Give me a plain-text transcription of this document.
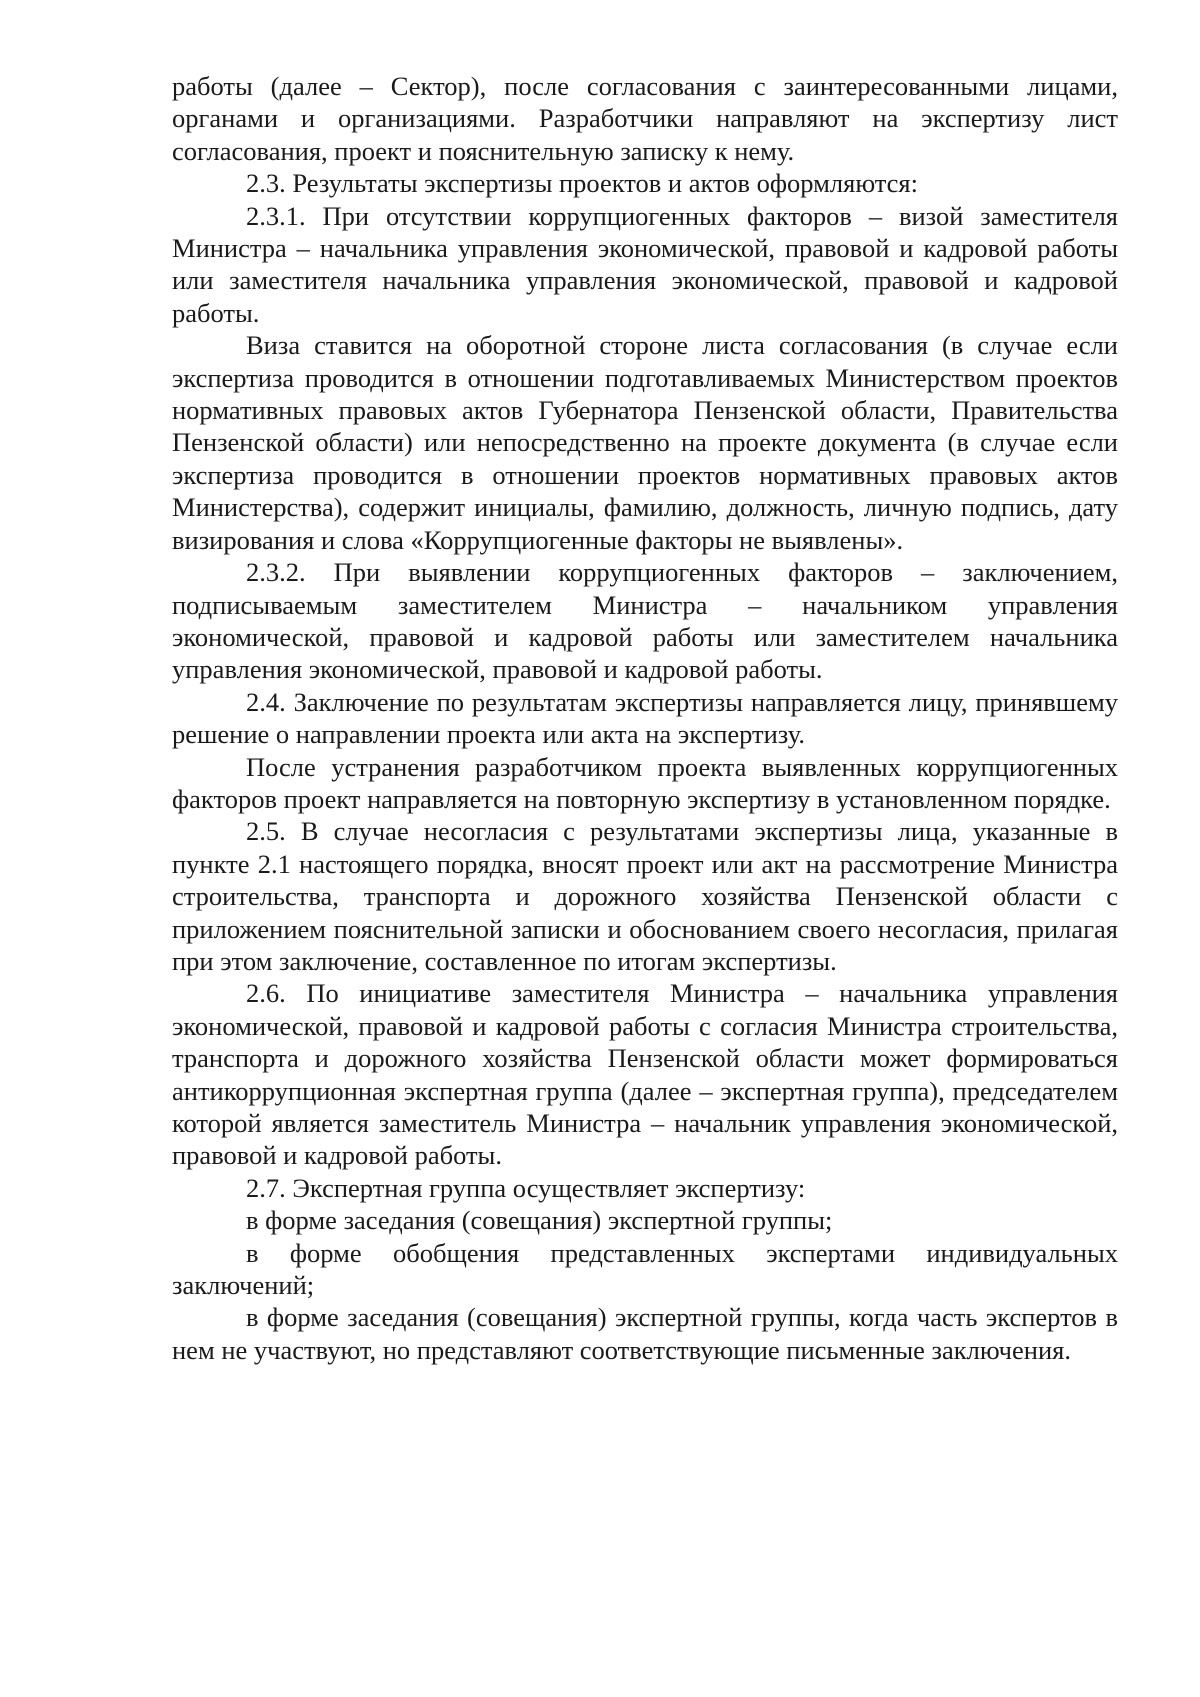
работы (далее – Сектор), после согласования с заинтересованными лицами, органами и организациями. Разработчики направляют на экспертизу лист согласования, проект и пояснительную записку к нему.

2.3. Результаты экспертизы проектов и актов оформляются:

2.3.1. При отсутствии коррупциогенных факторов – визой заместителя Министра – начальника управления экономической, правовой и кадровой работы или заместителя начальника управления экономической, правовой и кадровой работы.

Виза ставится на оборотной стороне листа согласования (в случае если экспертиза проводится в отношении подготавливаемых Министерством проектов нормативных правовых актов Губернатора Пензенской области, Правительства Пензенской области) или непосредственно на проекте документа (в случае если экспертиза проводится в отношении проектов нормативных правовых актов Министерства), содержит инициалы, фамилию, должность, личную подпись, дату визирования и слова «Коррупциогенные факторы не выявлены».

2.3.2. При выявлении коррупциогенных факторов – заключением, подписываемым заместителем Министра – начальником управления экономической, правовой и кадровой работы или заместителем начальника управления экономической, правовой и кадровой работы.

2.4. Заключение по результатам экспертизы направляется лицу, принявшему решение о направлении проекта или акта на экспертизу.

После устранения разработчиком проекта выявленных коррупциогенных факторов проект направляется на повторную экспертизу в установленном порядке.

2.5. В случае несогласия с результатами экспертизы лица, указанные в пункте 2.1 настоящего порядка, вносят проект или акт на рассмотрение Министра строительства, транспорта и дорожного хозяйства Пензенской области с приложением пояснительной записки и обоснованием своего несогласия, прилагая при этом заключение, составленное по итогам экспертизы.

2.6. По инициативе заместителя Министра – начальника управления экономической, правовой и кадровой работы с согласия Министра строительства, транспорта и дорожного хозяйства Пензенской области может формироваться антикоррупционная экспертная группа (далее – экспертная группа), председателем которой является заместитель Министра – начальник управления экономической, правовой и кадровой работы.

2.7. Экспертная группа осуществляет экспертизу:

в форме заседания (совещания) экспертной группы;

в форме обобщения представленных экспертами индивидуальных заключений;

в форме заседания (совещания) экспертной группы, когда часть экспертов в нем не участвуют, но представляют соответствующие письменные заключения.
